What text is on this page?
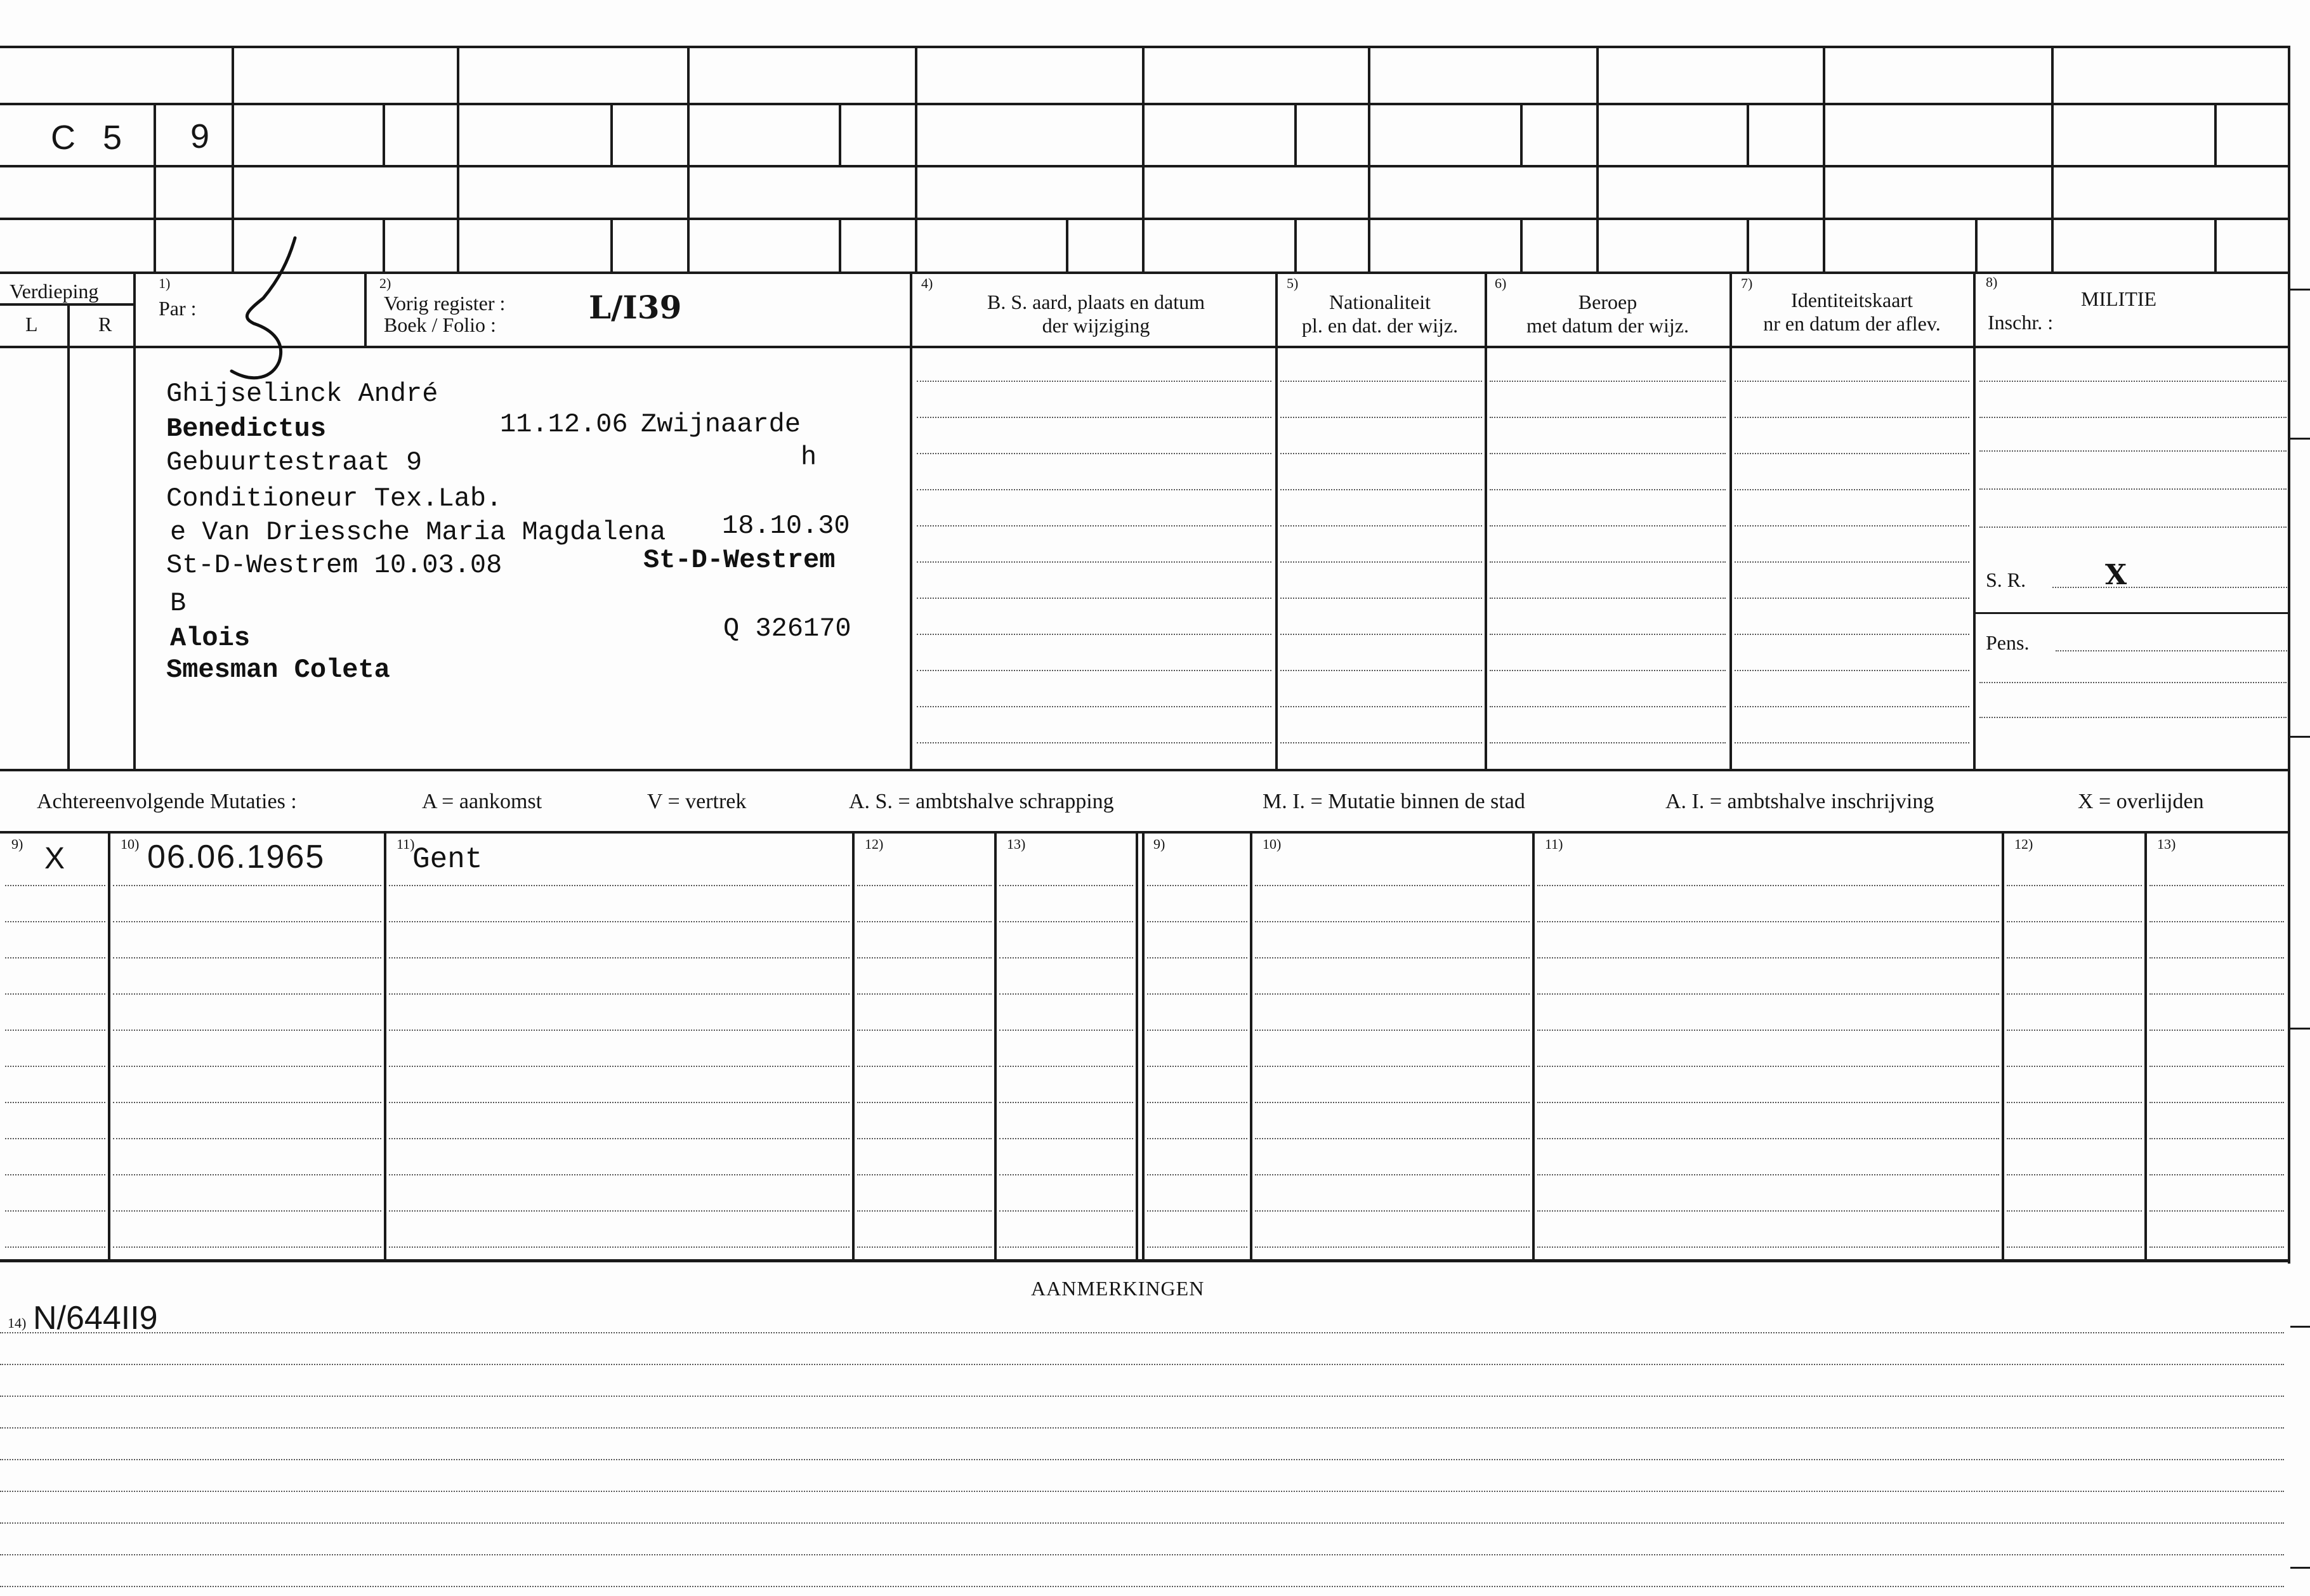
C 5 9
Verdieping
L	R
1)
Par :
2)
Vorig register :
Boek / Folio :	L/I39
4)
B. S. aard, plaats en datum
der wijziging
5)
Nationaliteit
pl. en dat. der wijz.
6)
Beroep
met datum der wijz.
7)
Identiteitskaart
nr en datum der aflev.
8)
MILITIE
Inschr. :
Ghijselinck André
Benedictus	11.12.06 Zwijnaarde
Gebuurtestraat 9	h
Conditioneur Tex.Lab.
e Van Driessche Maria Magdalena 18.10.30
St-D-Westrem 10.03.08	St-D-Westrem
B
Alois	Q 326170
Smesman Coleta
S. R.	X
Pens.
Achtereenvolgende Mutaties :	A = aankomst	V = vertrek	A. S. = ambtshalve schrapping	M. I. = Mutatie binnen de stad	A. I. = ambtshalve inschrijving	X = overlijden
9)	10)	11)	12)	13)	9)	10)	11)	12)	13)
X 06.06.1965	Gent
AANMERKINGEN
14) N/644II9
